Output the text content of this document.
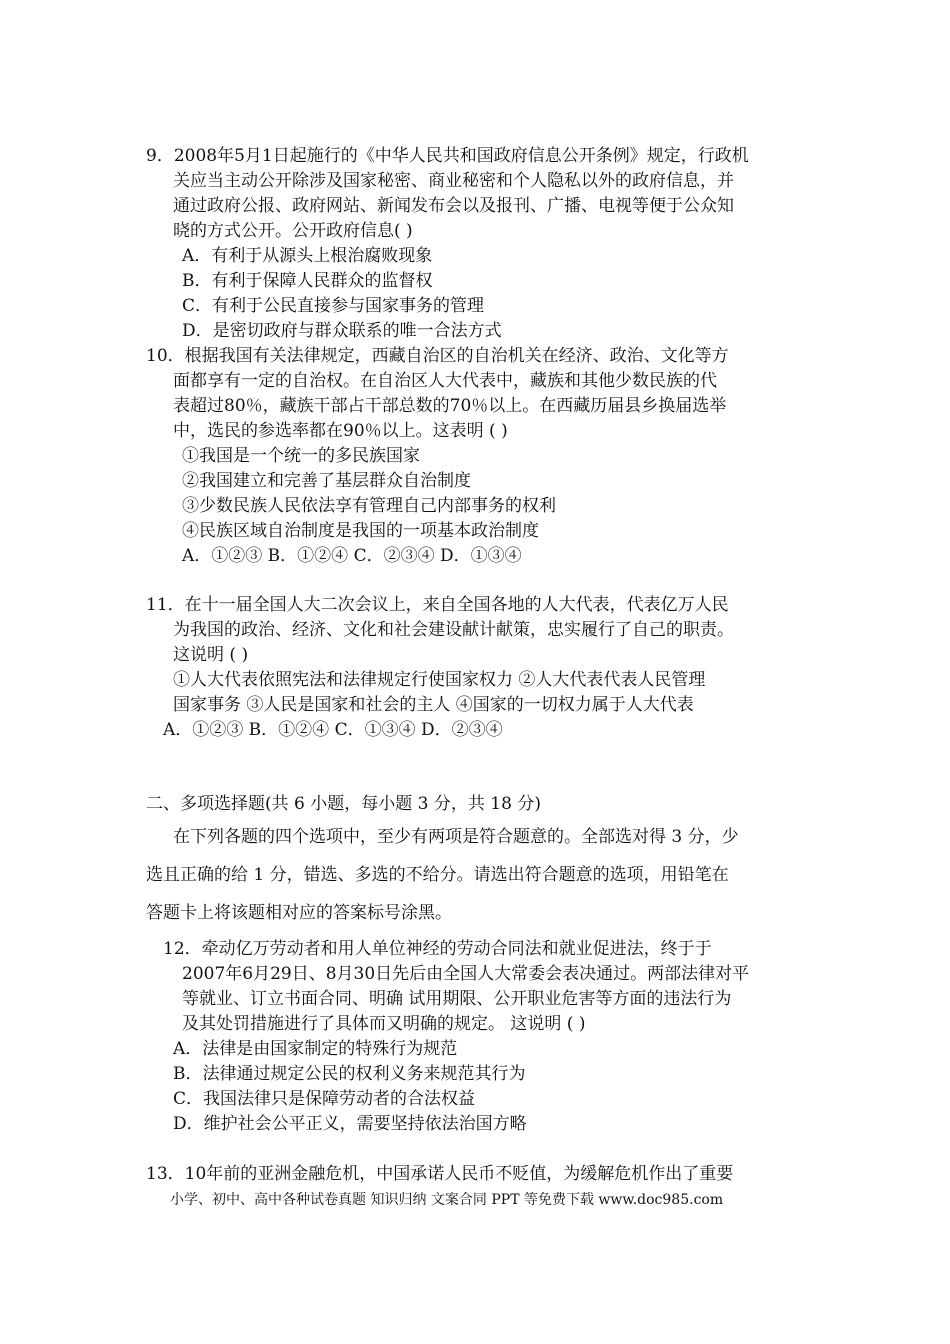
9．2008年5月1日起施行的《中华人民共和国政府信息公开条例》规定，行政机
关应当主动公开除涉及国家秘密、商业秘密和个人隐私以外的政府信息，并
通过政府公报、政府网站、新闻发布会以及报刊、广播、电视等便于公众知
晓的方式公开。公开政府信息( )
A．有利于从源头上根治腐败现象
B．有利于保障人民群众的监督权
C．有利于公民直接参与国家事务的管理
D．是密切政府与群众联系的唯一合法方式
10．根据我国有关法律规定，西藏自治区的自治机关在经济、政治、文化等方
面都享有一定的自治权。在自治区人大代表中，藏族和其他少数民族的代
表超过80％，藏族干部占干部总数的70％以上。在西藏历届县乡换届选举
中，选民的参选率都在90％以上。这表明 ( )
①我国是一个统一的多民族国家
②我国建立和完善了基层群众自治制度
③少数民族人民依法享有管理自己内部事务的权利
④民族区域自治制度是我国的一项基本政治制度
A．①②③ B．①②④ C．②③④ D．①③④
11．在十一届全国人大二次会议上，来自全国各地的人大代表，代表亿万人民
为我国的政治、经济、文化和社会建设献计献策，忠实履行了自己的职责。
这说明 ( )
①人大代表依照宪法和法律规定行使国家权力 ②人大代表代表人民管理
国家事务 ③人民是国家和社会的主人 ④国家的一切权力属于人大代表
A．①②③ B．①②④ C．①③④ D．②③④
二、多项选择题(共 6 小题，每小题 3 分，共 18 分)
在下列各题的四个选项中，至少有两项是符合题意的。全部选对得 3 分，少
选且正确的给 1 分，错选、多选的不给分。请选出符合题意的选项，用铅笔在
答题卡上将该题相对应的答案标号涂黑。
12．牵动亿万劳动者和用人单位神经的劳动合同法和就业促进法，终于于
2007年6月29日、8月30日先后由全国人大常委会表决通过。两部法律对平
等就业、订立书面合同、明确 试用期限、公开职业危害等方面的违法行为
及其处罚措施进行了具体而又明确的规定。 这说明 ( )
A．法律是由国家制定的特殊行为规范
B．法律通过规定公民的权利义务来规范其行为
C．我国法律只是保障劳动者的合法权益
D．维护社会公平正义，需要坚持依法治国方略
13．10年前的亚洲金融危机，中国承诺人民币不贬值，为缓解危机作出了重要
小学、初中、高中各种试卷真题 知识归纳 文案合同 PPT 等免费下载 www.doc985.com
